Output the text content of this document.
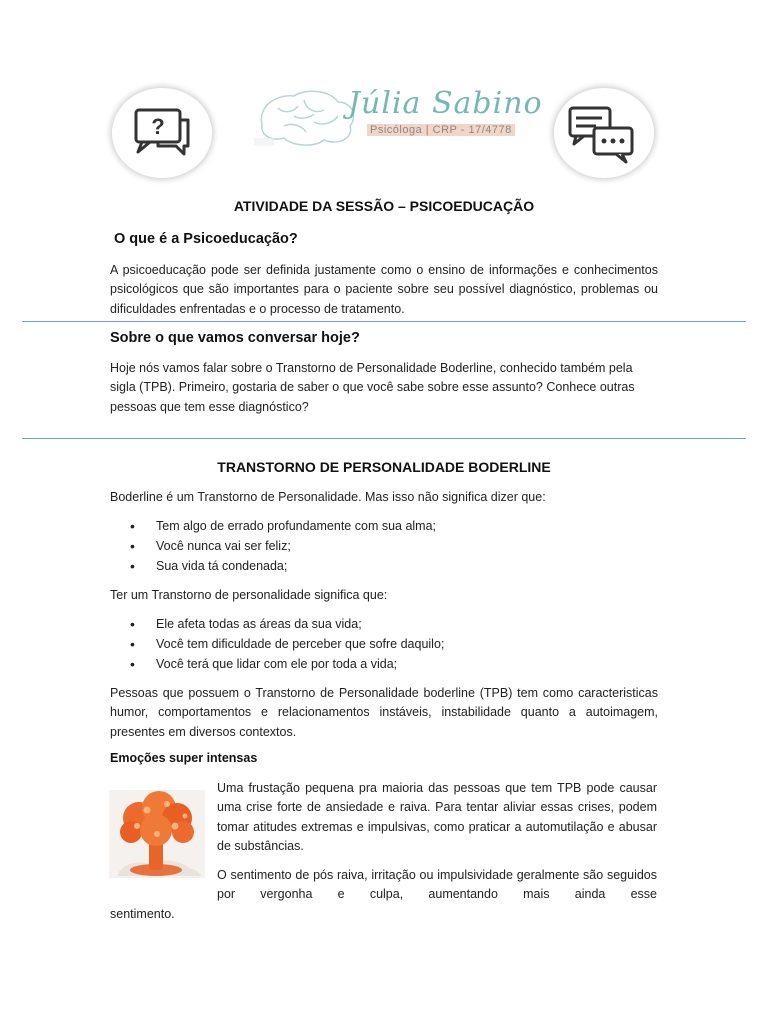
?
Júlia Sabino
Psicóloga | CRP - 17/4778
ATIVIDADE DA SESSÃO – PSICOEDUCAÇÃO
O que é a Psicoeducação?
A psicoeducação pode ser definida justamente como o ensino de informações e conhecimentos psicológicos que são importantes para o paciente sobre seu possível diagnóstico, problemas ou dificuldades enfrentadas e o processo de tratamento.
Sobre o que vamos conversar hoje?
Hoje nós vamos falar sobre o Transtorno de Personalidade Boderline, conhecido também pela sigla (TPB). Primeiro, gostaria de saber o que você sabe sobre esse assunto? Conhece outras pessoas que tem esse diagnóstico?
TRANSTORNO DE PERSONALIDADE BODERLINE
Boderline é um Transtorno de Personalidade. Mas isso não significa dizer que:
• Tem algo de errado profundamente com sua alma;
• Você nunca vai ser feliz;
• Sua vida tá condenada;
Ter um Transtorno de personalidade significa que:
• Ele afeta todas as áreas da sua vida;
• Você tem dificuldade de perceber que sofre daquilo;
• Você terá que lidar com ele por toda a vida;
Pessoas que possuem o Transtorno de Personalidade boderline (TPB) tem como caracteristicas humor, comportamentos e relacionamentos instáveis, instabilidade quanto a autoimagem, presentes em diversos contextos.
Emoções super intensas
Uma frustação pequena pra maioria das pessoas que tem TPB pode causar uma crise forte de ansiedade e raiva. Para tentar aliviar essas crises, podem tomar atitudes extremas e impulsivas, como praticar a automutilação e abusar de substâncias.
O sentimento de pós raiva, irritação ou impulsividade geralmente são seguidos por vergonha e culpa, aumentando mais ainda esse
sentimento.
